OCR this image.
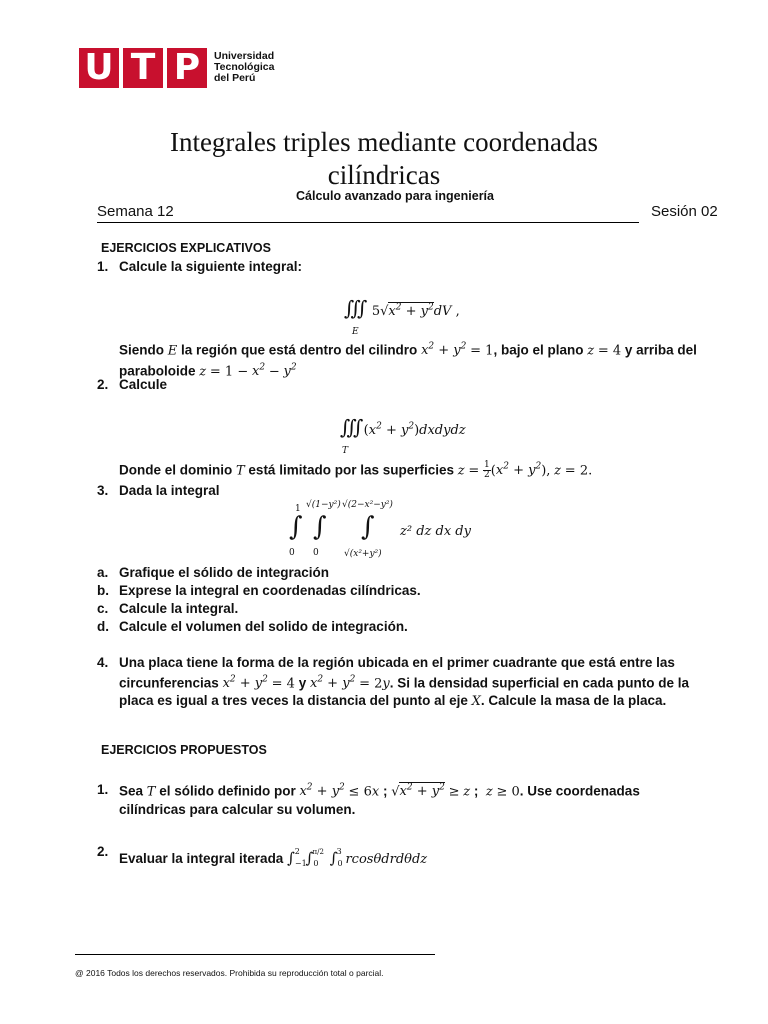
U T P	Universidad
Tecnológica
del Perú
Integrales triples mediante coordenadas
cilíndricas
Cálculo avanzado para ingeniería
Semana 12	Sesión 02
EJERCICIOS EXPLICATIVOS
1. Calcule la siguiente integral:
∭ $5√x^2 + y^2dV$ ,
E
Siendo E la región que está dentro del cilindro $x^2 + y^2 = 1$, bajo el plano z = 4 y arriba del
paraboloide $z = 1 - x^2 - y^2$
2. Calcule
$∭(x^2$ + $y^2)dxdydz$
T
Donde el dominio T está limitado por las superficies $z = \frac{1}{2} (x^2 + y^2)$, z = 2.
3. Dada la integral
1
∫
0
√(1−y²)
∫
0
√(2−x²−y²)
∫
√(x²+y²)
z² dz dx dy
a. Grafique el sólido de integración
b. Exprese la integral en coordenadas cilíndricas.
c. Calcule la integral.
d. Calcule el volumen del solido de integración.
4. Una placa tiene la forma de la región ubicada en el primer cuadrante que está entre las
circunferencias $x^2 + y^2 = 4$ y $x^2 + y^2 = 2y$. Si la densidad superficial en cada punto de la
placa es igual a tres veces la distancia del punto al eje X. Calcule la masa de la placa.
EJERCICIOS PROPUESTOS
1. Sea T el sólido definido por $x^2 + y^2 \le 6x$ ; $√x^2 + y^2 \ge z$ ;  z ≥ 0. Use coordenadas
cilíndricas para calcular su volumen.
2. Evaluar la integral iterada $\int_{-1}^2$ $\int_0^{\pi/2}$ $\int_0^3$ rcosθdrdθdz
@ 2016 Todos los derechos reservados. Prohibida su reproducción total o parcial.
